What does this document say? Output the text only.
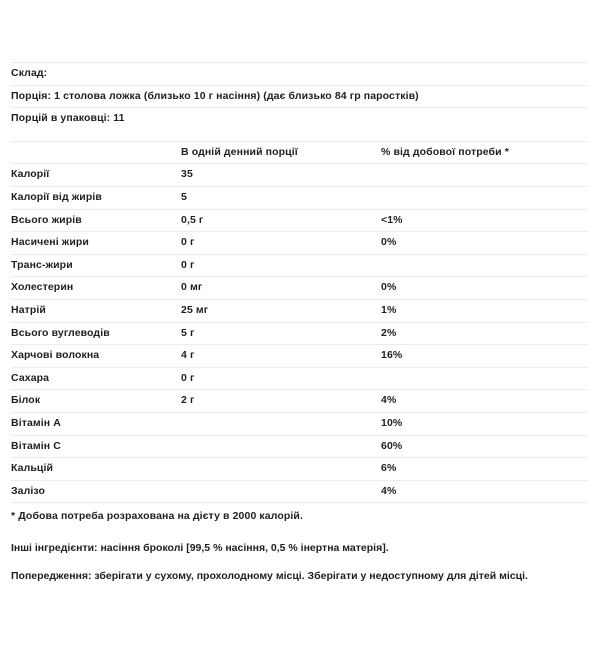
Склад:		
Порція: 1 столова ложка (близько 10 г насіння) (дає близько 84 гр паростків)		
Порцій в упаковці: 11		

	В одній денний порції	% від добової потреби *
Калорії	35	
Калорії від жирів	5	
Всього жирів	0,5 г	<1%
Насичені жири	0 г	0%
Транс-жири	0 г	
Холестерин	0 мг	0%
Натрій	25 мг	1%
Всього вуглеводів	5 г	2%
Харчові волокна	4 г	16%
Сахара	0 г	
Білок	2 г	4%
Вітамін A		10%
Вітамін C		60%
Кальцій		6%
Залізо		4%
* Добова потреба розрахована на дієту в 2000 калорій.		

Інші інгредієнти: насіння броколі [99,5 % насіння, 0,5 % інертна матерія].

Попередження: зберігати у сухому, прохолодному місці. Зберігати у недоступному для дітей місці.
